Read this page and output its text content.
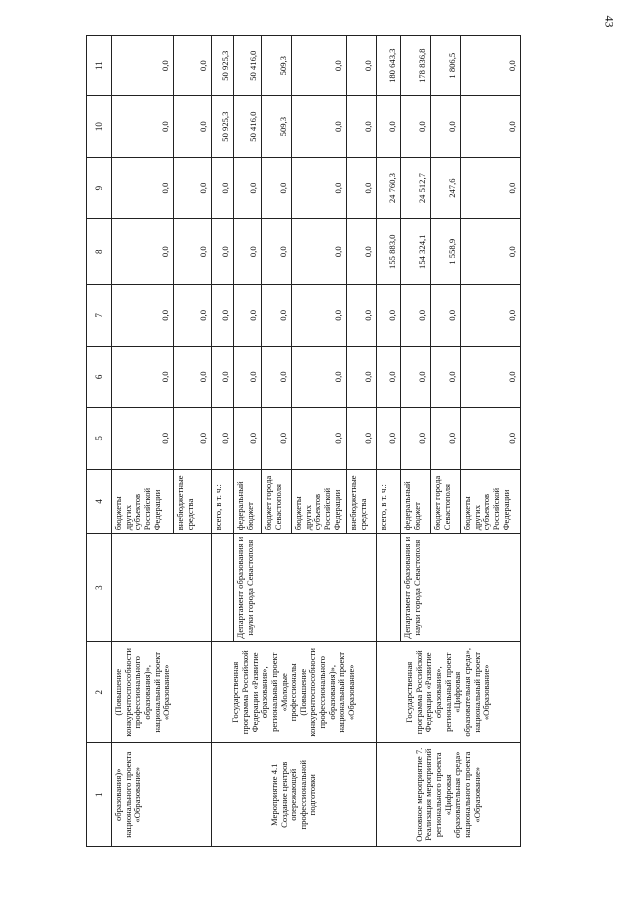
43
1	2	3	4	5	6	7	8	9	10	11
образования)» национального проекта «Образование»	(Повышение конкурентоспособности профессионального образования)», национальный проект «Образование»		бюджеты других субъектов Российской Федерации	0,0	0,0	0,0	0,0	0,0	0,0	0,0

			внебюджетные средства	0,0	0,0	0,0	0,0	0,0	0,0	0,0

Мероприятие 4.1 Создание центров опережающей профессиональной подготовки	Государственная программа Российской Федерации «Развитие образования», региональный проект «Молодые профессионалы (Повышение конкурентоспособности профессионального образования)», национальный проект «Образование»		всего, в т. ч.:	0,0	0,0	0,0	0,0	0,0	50 925,3	50 925,3

		Департамент образования и науки города Севастополя	федеральный бюджет	0,0	0,0	0,0	0,0	0,0	50 416,0	50 416,0

			бюджет города Севастополя	0,0	0,0	0,0	0,0	0,0	509,3	509,3

			бюджеты других субъектов Российской Федерации	0,0	0,0	0,0	0,0	0,0	0,0	0,0

			внебюджетные средства	0,0	0,0	0,0	0,0	0,0	0,0	0,0

Основное мероприятие 7. Реализация мероприятий регионального проекта «Цифровая образовательная среда» национального проекта «Образование»	Государственная программа Российской Федерации «Развитие образования», региональный проект «Цифровая образовательная среда», национальный проект «Образование»		всего, в т. ч.:	0,0	0,0	0,0	155 883,0	24 760,3	0,0	180 643,3

		Департамент образования и науки города Севастополя	федеральный бюджет	0,0	0,0	0,0	154 324,1	24 512,7	0,0	178 836,8

			бюджет города Севастополя	0,0	0,0	0,0	1 558,9	247,6	0,0	1 806,5

			бюджеты других субъектов Российской Федерации	0,0	0,0	0,0	0,0	0,0	0,0	0,0
